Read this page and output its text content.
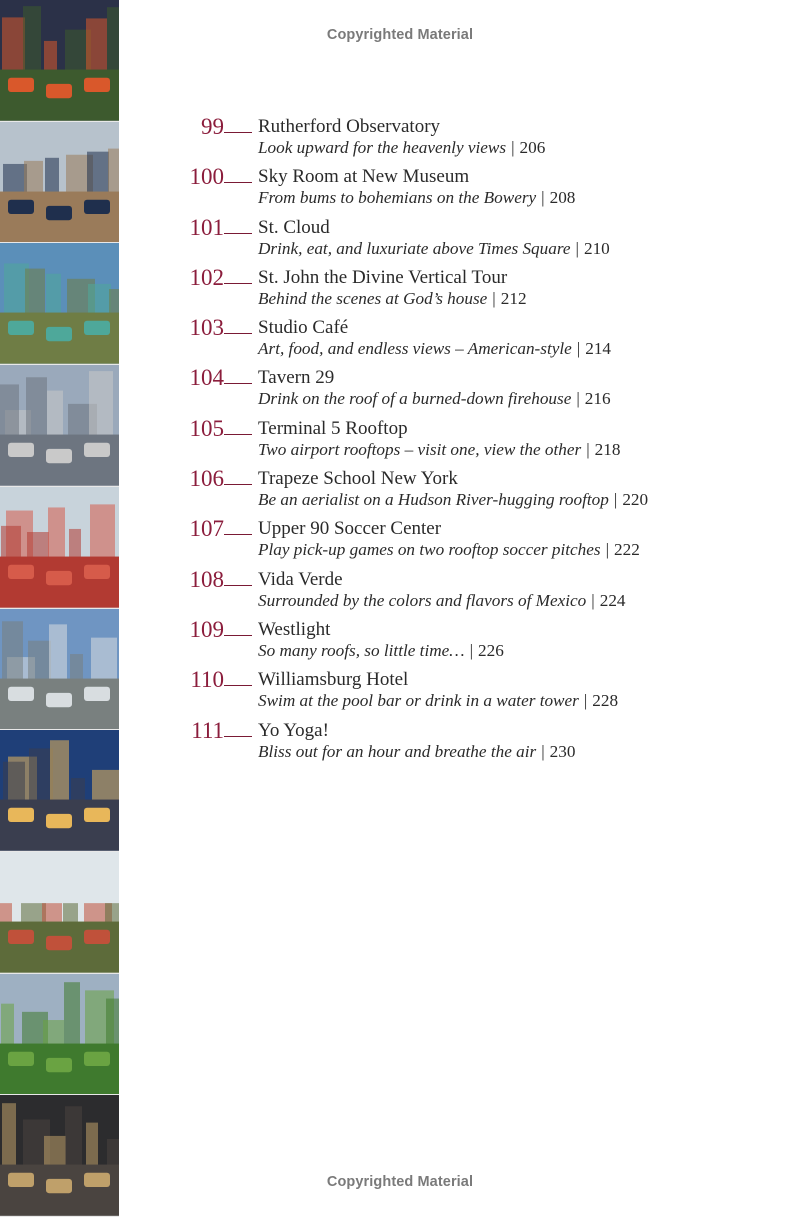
Copyrighted Material
99 Rutherford Observatory
Look upward for the heavenly views | 206
100 Sky Room at New Museum
From bums to bohemians on the Bowery | 208
101 St. Cloud
Drink, eat, and luxuriate above Times Square | 210
102 St. John the Divine Vertical Tour
Behind the scenes at God’s house | 212
103 Studio Café
Art, food, and endless views – American-style | 214
104 Tavern 29
Drink on the roof of a burned-down firehouse | 216
105 Terminal 5 Rooftop
Two airport rooftops – visit one, view the other | 218
106 Trapeze School New York
Be an aerialist on a Hudson River-hugging rooftop | 220
107 Upper 90 Soccer Center
Play pick-up games on two rooftop soccer pitches | 222
108 Vida Verde
Surrounded by the colors and flavors of Mexico | 224
109 Westlight
So many roofs, so little time… | 226
110 Williamsburg Hotel
Swim at the pool bar or drink in a water tower | 228
111 Yo Yoga!
Bliss out for an hour and breathe the air | 230
Copyrighted Material
